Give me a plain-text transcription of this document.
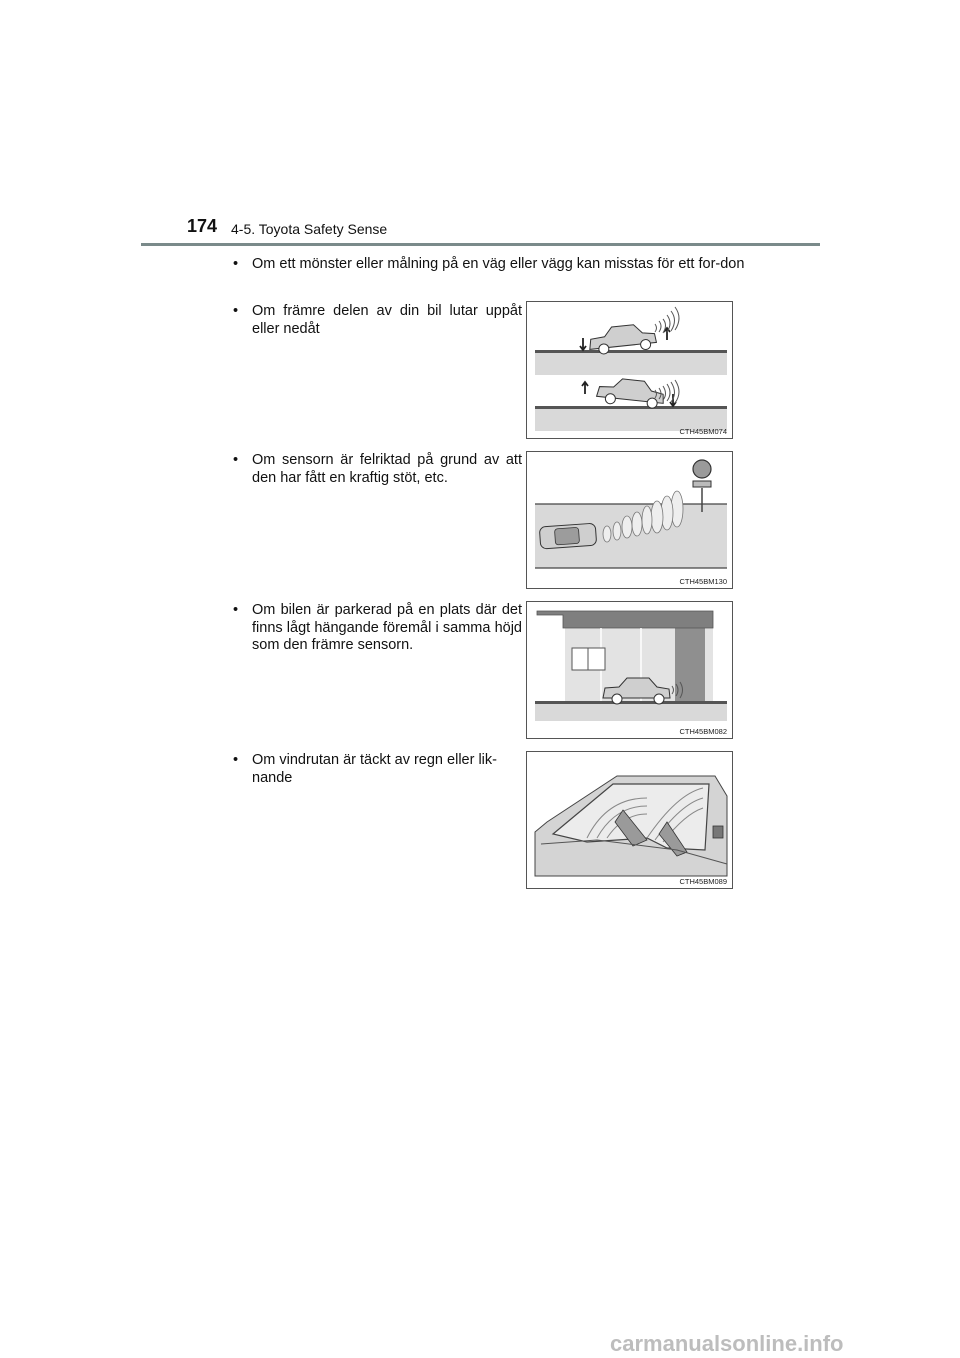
174 4-5. Toyota Safety Sense
• Om ett mönster eller målning på en väg eller vägg kan misstas för ett for-don
• Om främre delen av din bil lutar uppåt eller nedåt
• Om sensorn är felriktad på grund av att den har fått en kraftig stöt, etc.
• Om bilen är parkerad på en plats där det finns lågt hängande föremål i samma höjd som den främre sensorn.
• Om vindrutan är täckt av regn eller lik-nande
CTH45BM074
CTH45BM130
CTH45BM082
CTH45BM089
carmanualsonline.info
